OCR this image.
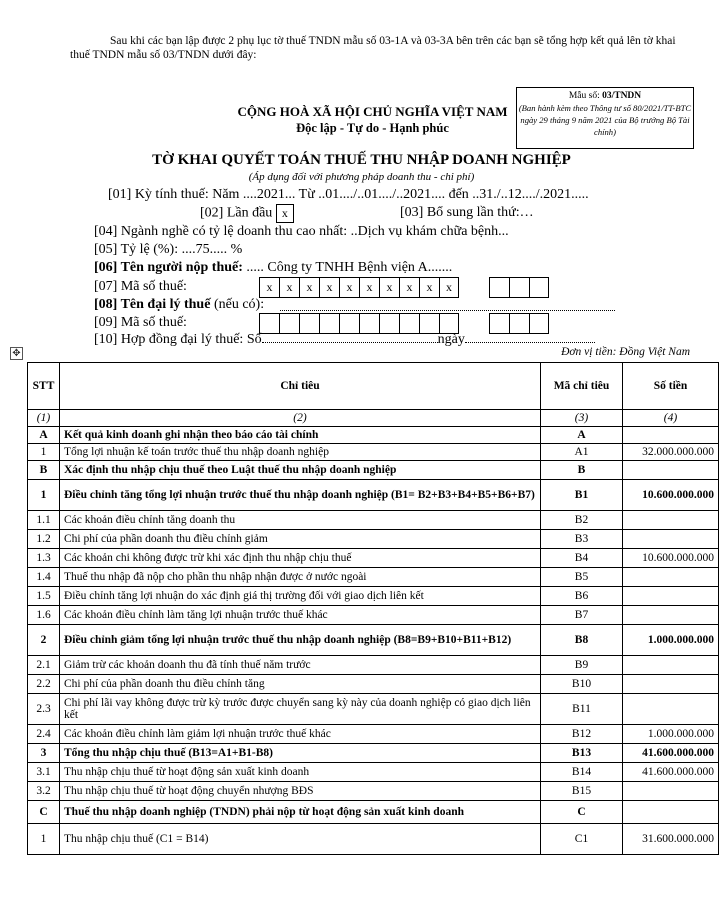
Sau khi các bạn lập được 2 phụ lục tờ thuế TNDN mẫu số 03-1A và 03-3A bên trên các bạn sẽ tổng hợp kết quả lên tờ khai thuế TNDN mẫu số 03/TNDN dưới đây:
Mẫu số: 03/TNDN
(Ban hành kèm theo Thông tư số 80/2021/TT-BTC ngày 29 tháng 9 năm 2021 của Bộ trưởng Bộ Tài chính)
CỘNG HOÀ XÃ HỘI CHỦ NGHĨA VIỆT NAM
Độc lập - Tự do - Hạnh phúc
TỜ KHAI QUYẾT TOÁN THUẾ THU NHẬP DOANH NGHIỆP
(Áp dụng đối với phương pháp doanh thu - chi phí)
[01] Kỳ tính thuế: Năm ....2021... Từ ..01..../..01..../..2021.... đến ..31./..12..../.2021.....
[02] Lần đầu x	[03] Bổ sung lần thứ:…
[04] Ngành nghề có tỷ lệ doanh thu cao nhất: ..Dịch vụ khám chữa bệnh...
[05] Tỷ lệ (%): ....75..... %
[06] Tên người nộp thuế: ..... Công ty TNHH Bệnh viện A.......
[07] Mã số thuế:	x	x	x	x	x	x	x	x	x	x
[08] Tên đại lý thuế (nếu có):
[09] Mã số thuế:
[10] Hợp đồng đại lý thuế: Số	ngày
✥	Đơn vị tiền: Đồng Việt Nam
STT	Chỉ tiêu	Mã chỉ tiêu	Số tiền
(1)	(2)	(3)	(4)
A	Kết quả kinh doanh ghi nhận theo báo cáo tài chính	A	
1	Tổng lợi nhuận kế toán trước thuế thu nhập doanh nghiệp	A1	32.000.000.000
B	Xác định thu nhập chịu thuế theo Luật thuế thu nhập doanh nghiệp	B	
1	Điều chỉnh tăng tổng lợi nhuận trước thuế thu nhập doanh nghiệp (B1= B2+B3+B4+B5+B6+B7)	B1	10.600.000.000
1.1	Các khoản điều chỉnh tăng doanh thu	B2	
1.2	Chi phí của phần doanh thu điều chỉnh giảm	B3	
1.3	Các khoản chi không được trừ khi xác định thu nhập chịu thuế	B4	10.600.000.000
1.4	Thuế thu nhập đã nộp cho phần thu nhập nhận được ở nước ngoài	B5	
1.5	Điều chỉnh tăng lợi nhuận do xác định giá thị trường đối với giao dịch liên kết	B6	
1.6	Các khoản điều chỉnh làm tăng lợi nhuận trước thuế khác	B7	
2	Điều chỉnh giảm tổng lợi nhuận trước thuế thu nhập doanh nghiệp (B8=B9+B10+B11+B12)	B8	1.000.000.000
2.1	Giảm trừ các khoản doanh thu đã tính thuế năm trước	B9	
2.2	Chi phí của phần doanh thu điều chỉnh tăng	B10	
2.3	Chi phí lãi vay không được trừ kỳ trước được chuyển sang kỳ này của doanh nghiệp có giao dịch liên kết	B11	
2.4	Các khoản điều chỉnh làm giảm lợi nhuận trước thuế khác	B12	1.000.000.000
3	Tổng thu nhập chịu thuế (B13=A1+B1-B8)	B13	41.600.000.000
3.1	Thu nhập chịu thuế từ hoạt động sản xuất kinh doanh	B14	41.600.000.000
3.2	Thu nhập chịu thuế từ hoạt động chuyển nhượng BĐS	B15	
C	Thuế thu nhập doanh nghiệp (TNDN) phải nộp từ hoạt động sản xuất kinh doanh	C	
1	Thu nhập chịu thuế (C1 = B14)	C1	31.600.000.000
